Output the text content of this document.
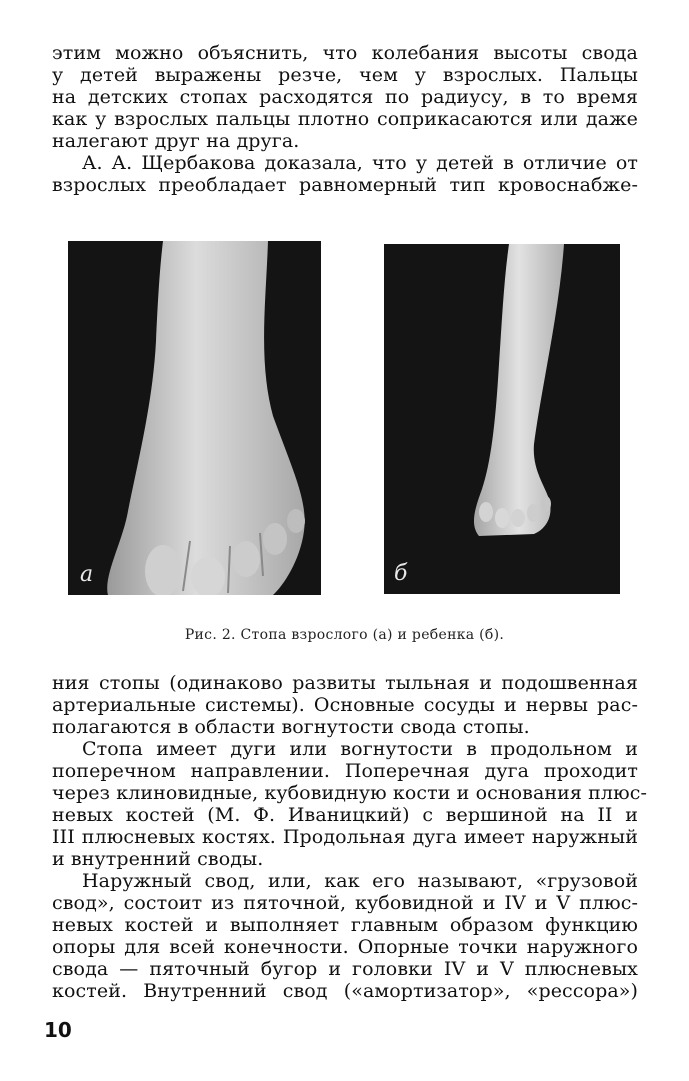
этим можно объяснить, что колебания высоты свода
у детей выражены резче, чем у взрослых. Пальцы
на детских стопах расходятся по радиусу, в то время
как у взрослых пальцы плотно соприкасаются или даже
налегают друг на друга.
А. А. Щербакова доказала, что у детей в отличие от
взрослых преобладает равномерный тип кровоснабже-
а	б
Рис. 2. Стопа взрослого (а) и ребенка (б).
ния стопы (одинаково развиты тыльная и подошвенная
артериальные системы). Основные сосуды и нервы рас-
полагаются в области вогнутости свода стопы.
Стопа имеет дуги или вогнутости в продольном и
поперечном направлении. Поперечная дуга проходит
через клиновидные, кубовидную кости и основания плюс-
невых костей (М. Ф. Иваницкий) с вершиной на II и
III плюсневых костях. Продольная дуга имеет наружный
и внутренний своды.
Наружный свод, или, как его называют, «грузовой
свод», состоит из пяточной, кубовидной и IV и V плюс-
невых костей и выполняет главным образом функцию
опоры для всей конечности. Опорные точки наружного
свода — пяточный бугор и головки IV и V плюсневых
костей. Внутренний свод («амортизатор», «рессора»)
10
